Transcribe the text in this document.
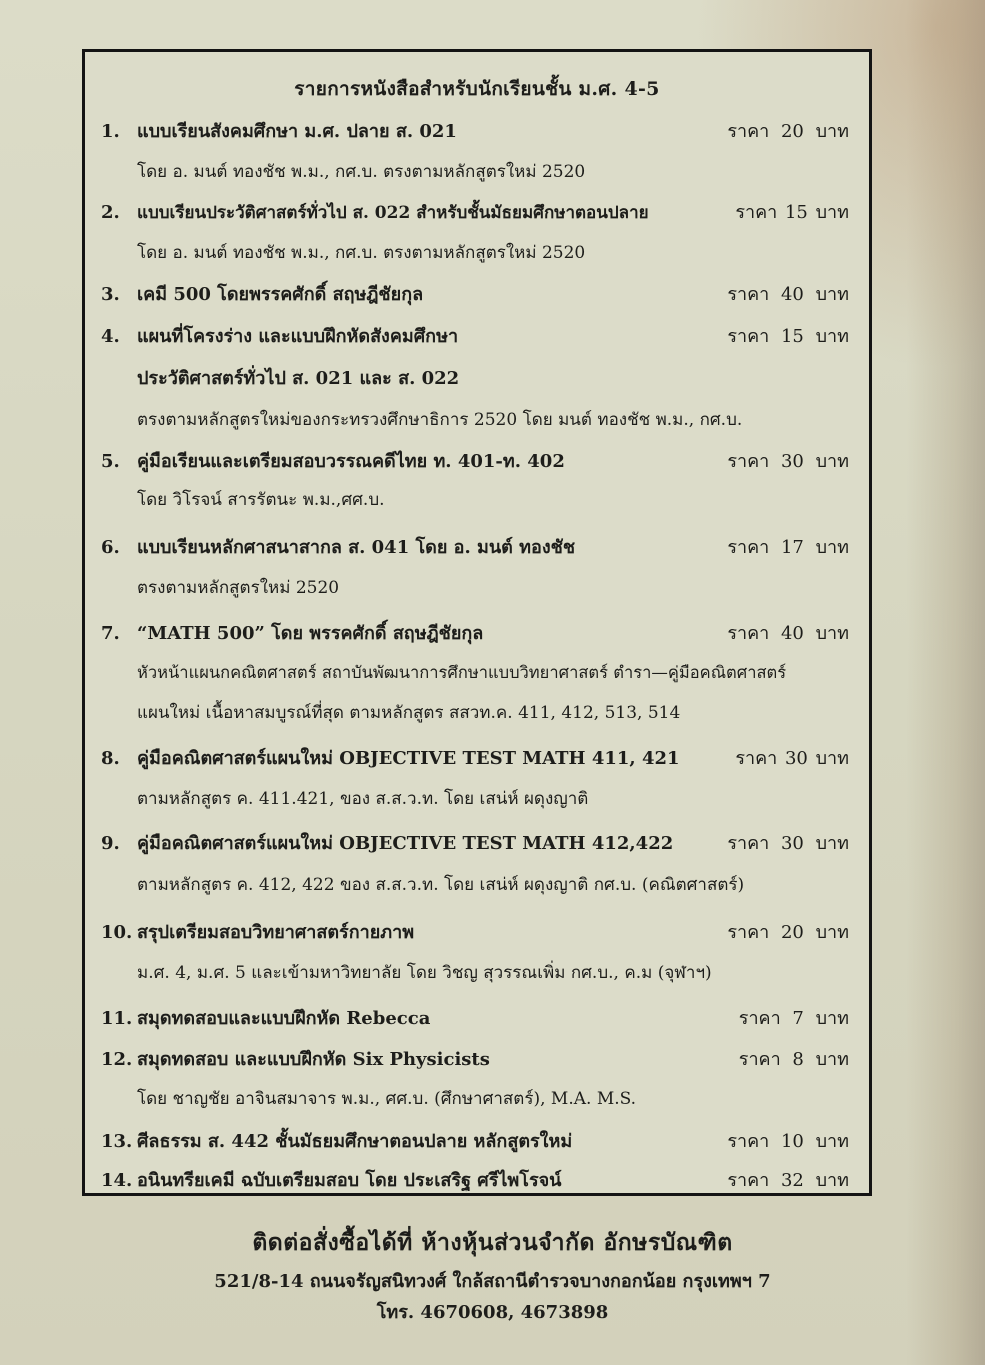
รายการหนังสือสำหรับนักเรียนชั้น ม.ศ. 4-5
1. แบบเรียนสังคมศึกษา ม.ศ. ปลาย ส. 021	ราคา 20 บาท
โดย อ. มนต์ ทองชัช พ.ม., กศ.บ. ตรงตามหลักสูตรใหม่ 2520
2.	แบบเรียนประวัติศาสตร์ทั่วไป ส. 022 สำหรับชั้นมัธยมศึกษาตอนปลาย	ราคา 15 บาท
โดย อ. มนต์ ทองชัช พ.ม., กศ.บ. ตรงตามหลักสูตรใหม่ 2520
3. เคมี 500 โดยพรรคศักดิ์ สฤษฎีชัยกุล	ราคา 40 บาท
4. แผนที่โครงร่าง และแบบฝึกหัดสังคมศึกษา	ราคา 15 บาท
ประวัติศาสตร์ทั่วไป ส. 021 และ ส. 022
ตรงตามหลักสูตรใหม่ของกระทรวงศึกษาธิการ 2520 โดย มนต์ ทองชัช พ.ม., กศ.บ.
5. คู่มือเรียนและเตรียมสอบวรรณคดีไทย ท. 401-ท. 402	ราคา 30 บาท
โดย วิโรจน์ สารรัตนะ พ.ม.,ศศ.บ.
6. แบบเรียนหลักศาสนาสากล ส. 041 โดย อ. มนต์ ทองชัช	ราคา 17 บาท
ตรงตามหลักสูตรใหม่ 2520
7. “MATH 500” โดย พรรคศักดิ์ สฤษฎีชัยกุล	ราคา 40 บาท
หัวหน้าแผนกคณิตศาสตร์ สถาบันพัฒนาการศึกษาแบบวิทยาศาสตร์ ตำรา—คู่มือคณิตศาสตร์
แผนใหม่ เนื้อหาสมบูรณ์ที่สุด ตามหลักสูตร สสวท.ค. 411, 412, 513, 514
8. คู่มือคณิตศาสตร์แผนใหม่ OBJECTIVE TEST MATH 411, 421	ราคา 30 บาท
ตามหลักสูตร ค. 411.421, ของ ส.ส.ว.ท. โดย เสน่ห์ ผดุงญาติ
9. คู่มือคณิตศาสตร์แผนใหม่ OBJECTIVE TEST MATH 412,422	ราคา 30 บาท
ตามหลักสูตร ค. 412, 422 ของ ส.ส.ว.ท. โดย เสน่ห์ ผดุงญาติ กศ.บ. (คณิตศาสตร์)
10. สรุปเตรียมสอบวิทยาศาสตร์กายภาพ	ราคา 20 บาท
ม.ศ. 4, ม.ศ. 5 และเข้ามหาวิทยาลัย โดย วิชญ สุวรรณเพิ่ม กศ.บ., ค.ม (จุฬาฯ)
11. สมุดทดสอบและแบบฝึกหัด Rebecca	ราคา 7 บาท
12. สมุดทดสอบ และแบบฝึกหัด Six Physicists	ราคา 8 บาท
โดย ชาญชัย อาจินสมาจาร พ.ม., ศศ.บ. (ศึกษาศาสตร์), M.A. M.S.
13. ศีลธรรม ส. 442 ชั้นมัธยมศึกษาตอนปลาย หลักสูตรใหม่	ราคา 10 บาท
14. อนินทรียเคมี ฉบับเตรียมสอบ โดย ประเสริฐ ศรีไพโรจน์	ราคา 32 บาท
ติดต่อสั่งซื้อได้ที่ ห้างหุ้นส่วนจำกัด อักษรบัณฑิต
521/8-14 ถนนจรัญสนิทวงศ์ ใกล้สถานีตำรวจบางกอกน้อย กรุงเทพฯ 7
โทร. 4670608, 4673898
